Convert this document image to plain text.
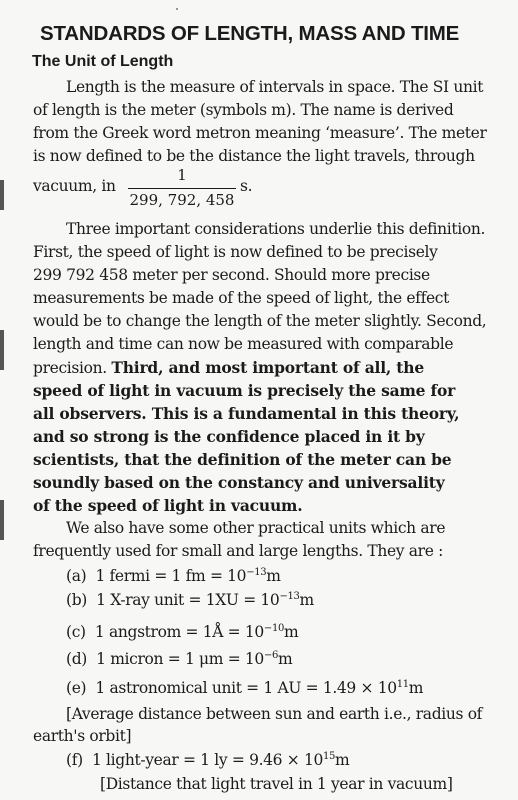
STANDARDS OF LENGTH, MASS AND TIME
The Unit of Length
Length is the measure of intervals in space. The SI unit
of length is the meter (symbols m). The name is derived
from the Greek word metron meaning ‘measure’. The meter
is now defined to be the distance the light travels, through
vacuum, in
1
299, 792, 458
s.
Three important considerations underlie this definition.
First, the speed of light is now defined to be precisely
299 792 458 meter per second. Should more precise
measurements be made of the speed of light, the effect
would be to change the length of the meter slightly. Second,
length and time can now be measured with comparable
precision. Third, and most important of all, the
speed of light in vacuum is precisely the same for
all observers. This is a fundamental in this theory,
and so strong is the confidence placed in it by
scientists, that the definition of the meter can be
soundly based on the constancy and universality
of the speed of light in vacuum.
We also have some other practical units which are
frequently used for small and large lengths. They are :
(a) 1 fermi = 1 fm = $10^{-13}m$
(b) 1 X-ray unit = $1XU = 10^{-13}m$
(c) 1 angstrom = 1Å = $10^{-10}m$
(d) 1 micron = 1 $\mu m = 10^{-6}m$
(e) 1 astronomical unit = 1 AU = $1.49 \times 10^{11}m$
[Average distance between sun and earth i.e., radius of
earth's orbit]
(f) 1 light-year = 1 ly = $9.46 \times 10^{15}m$
[Distance that light travel in 1 year in vacuum]
